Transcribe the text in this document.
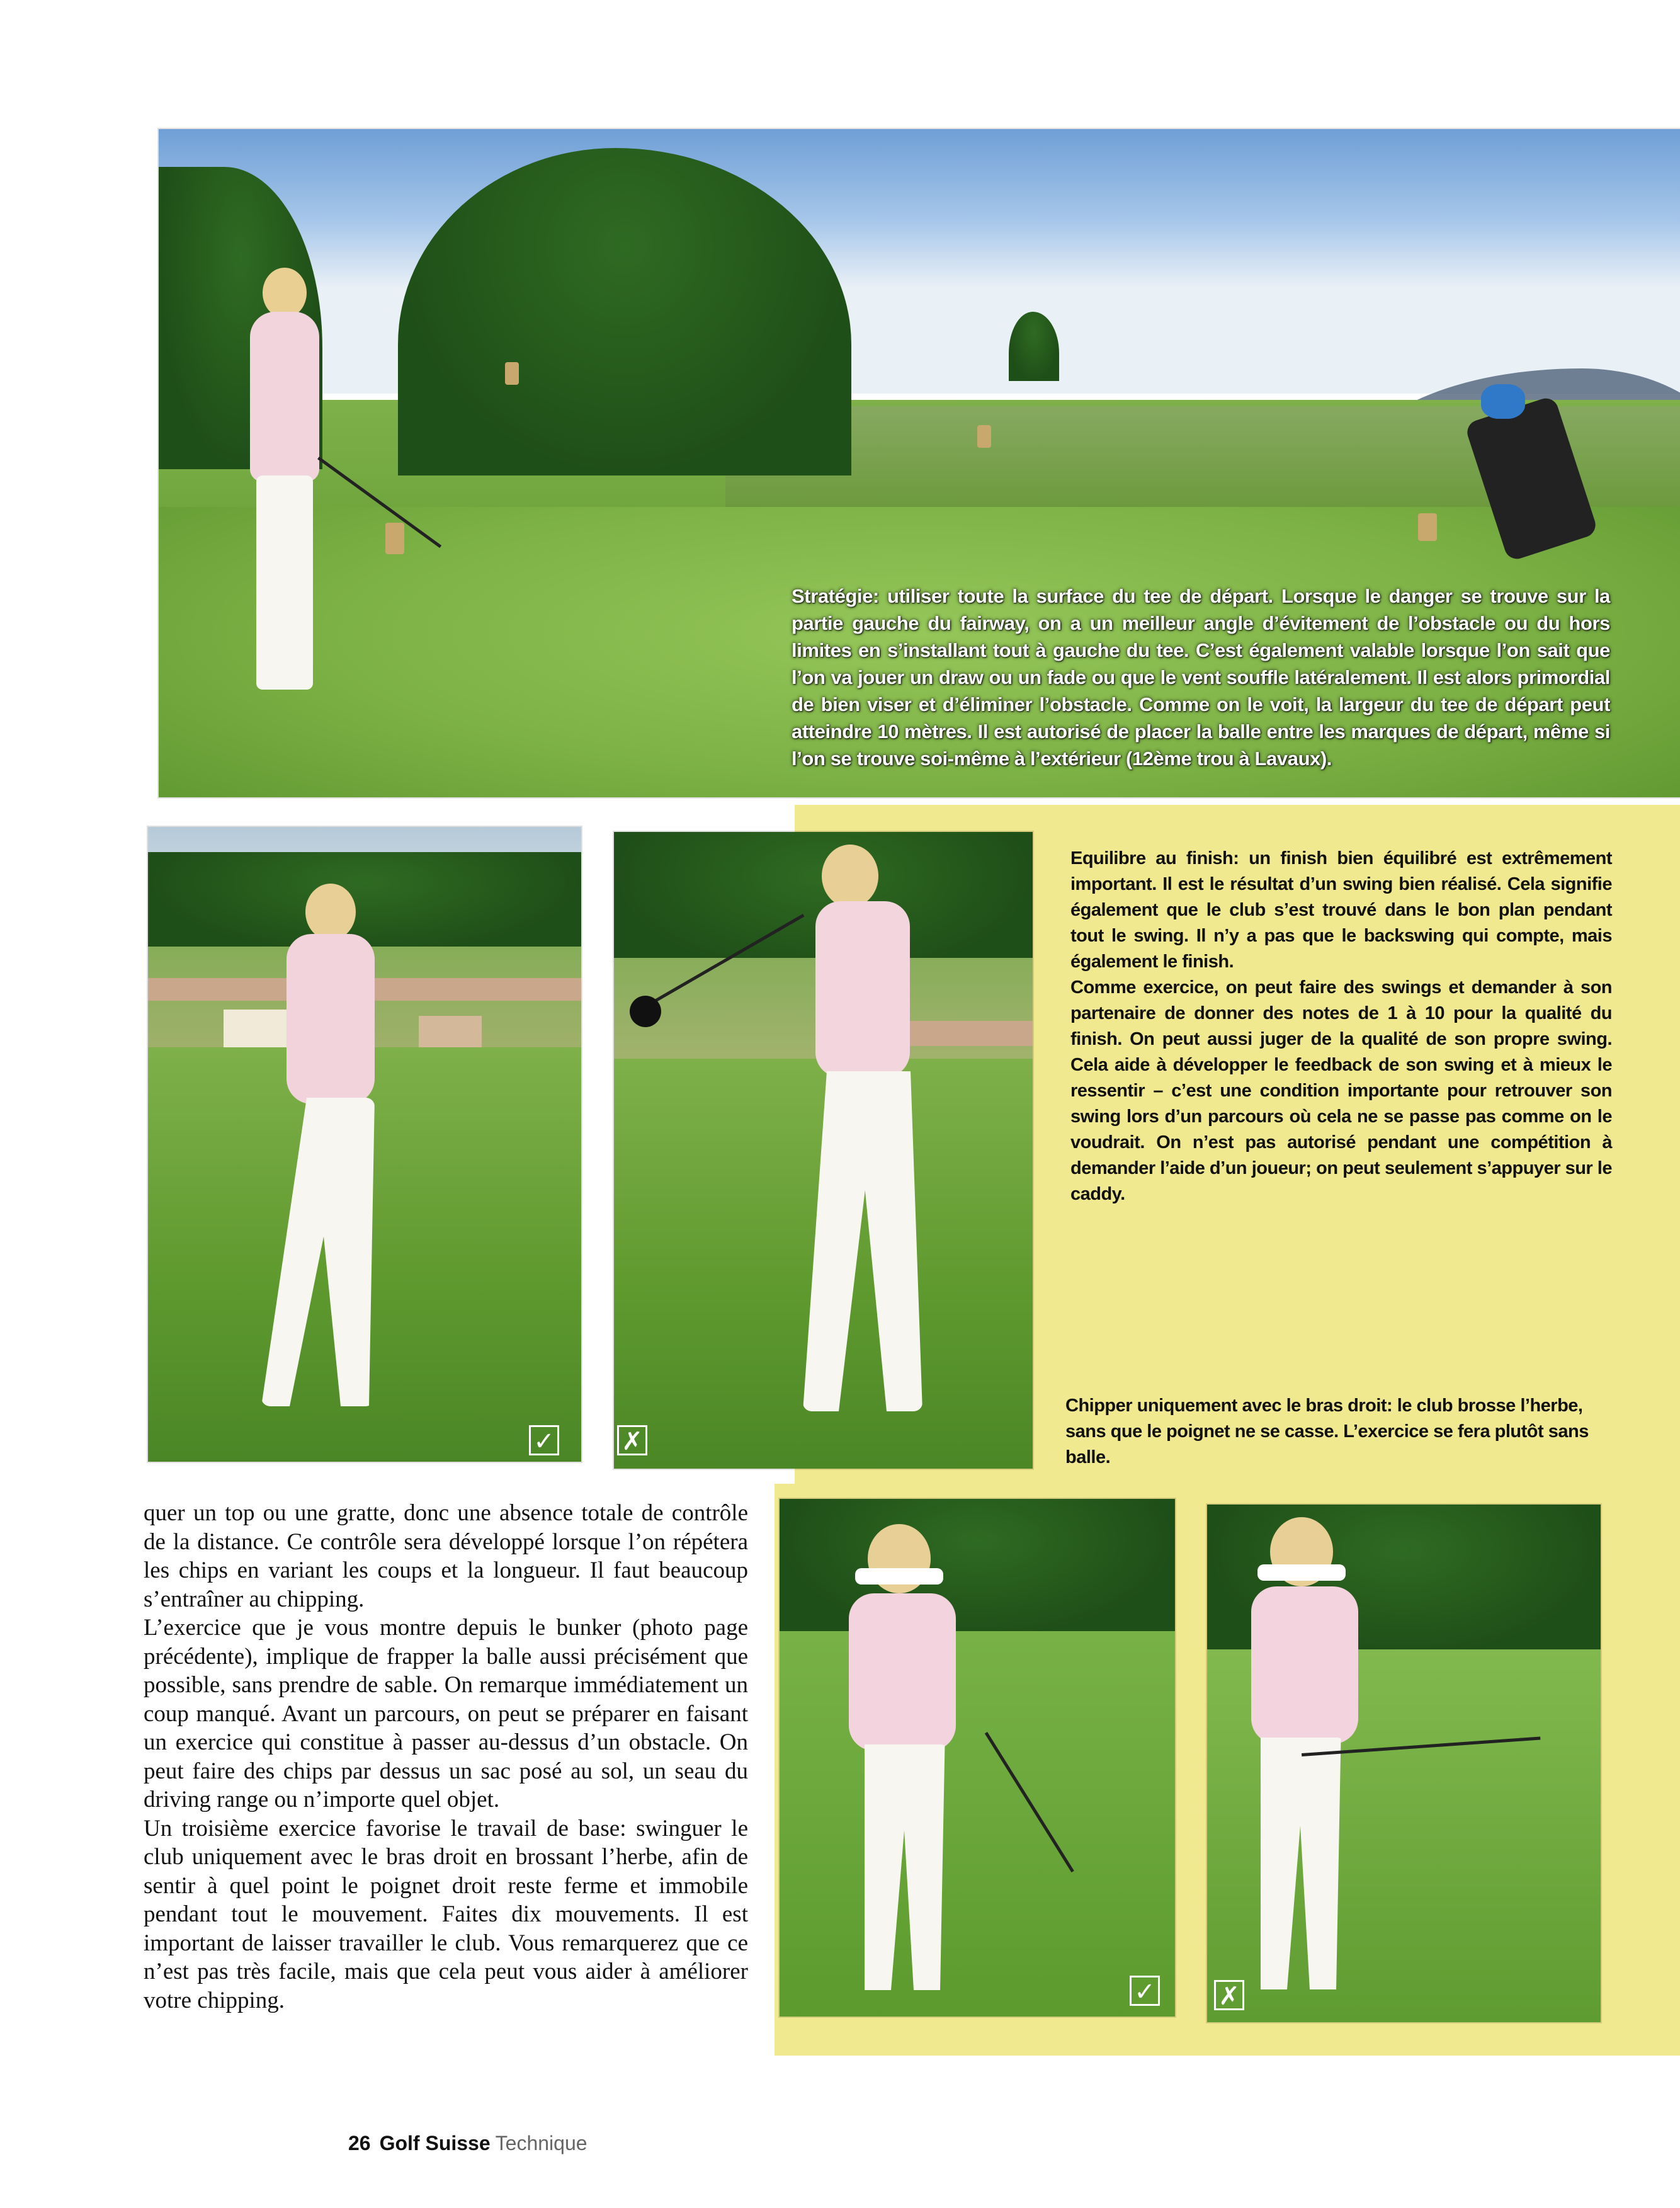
Stratégie: utiliser toute la surface du tee de départ. Lorsque le danger se trouve sur la partie gauche du fairway, on a un meilleur angle d’évitement de l’obstacle ou du hors limites en s’installant tout à gauche du tee. C’est également valable lorsque l’on sait que l’on va jouer un draw ou un fade ou que le vent souffle latéralement. Il est alors primordial de bien viser et d’éliminer l’obstacle. Comme on le voit, la largeur du tee de départ peut atteindre 10 mètres. Il est autorisé de placer la balle entre les marques de départ, même si l’on se trouve soi-même à l’extérieur (12ème trou à Lavaux).
✓	✗
Equilibre au finish: un finish bien équilibré est extrêmement important. Il est le résultat d’un swing bien réalisé. Cela signifie également que le club s’est trouvé dans le bon plan pendant tout le swing. Il n’y a pas que le backswing qui compte, mais également le finish.
Comme exercice, on peut faire des swings et demander à son partenaire de donner des notes de 1 à 10 pour la qualité du finish. On peut aussi juger de la qualité de son propre swing. Cela aide à développer le feedback de son swing et à mieux le ressentir – c’est une condition importante pour retrouver son swing lors d’un parcours où cela ne se passe pas comme on le voudrait. On n’est pas autorisé pendant une compétition à demander l’aide d’un joueur; on peut seulement s’appuyer sur le caddy.
Chipper uniquement avec le bras droit: le club brosse l’herbe, sans que le poignet ne se casse. L’exercice se fera plutôt sans balle.
✓	✗
quer un top ou une gratte, donc une absence totale de contrôle de la distance. Ce contrôle sera développé lorsque l’on répétera les chips en variant les coups et la longueur. Il faut beaucoup s’entraîner au chipping.
L’exercice que je vous montre depuis le bunker (photo page précédente), implique de frapper la balle aussi précisément que possible, sans prendre de sable. On remarque immédiatement un coup manqué. Avant un parcours, on peut se préparer en faisant un exercice qui constitue à passer au-dessus d’un obstacle. On peut faire des chips par dessus un sac posé au sol, un seau du driving range ou n’importe quel objet.
Un troisième exercice favorise le travail de base: swinguer le club uniquement avec le bras droit en brossant l’herbe, afin de sentir à quel point le poignet droit reste ferme et immobile pendant tout le mouvement. Faites dix mouvements. Il est important de laisser travailler le club. Vous remarquerez que ce n’est pas très facile, mais que cela peut vous aider à améliorer votre chipping.
26 Golf Suisse Technique
